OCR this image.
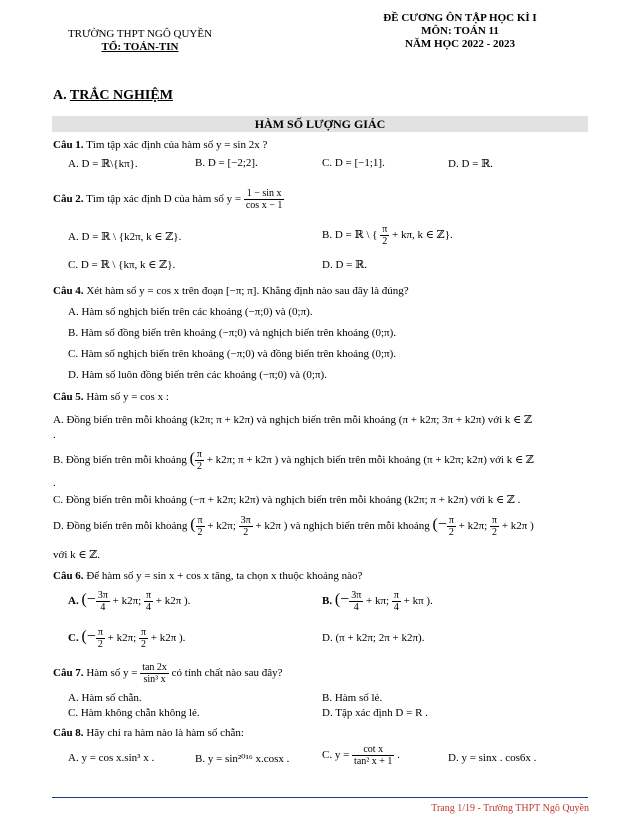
TRƯỜNG THPT NGÔ QUYỀN
TỔ: TOÁN-TIN
ĐỀ CƯƠNG ÔN TẬP HỌC KÌ I
MÔN: TOÁN 11
NĂM HỌC 2022 - 2023
A. TRẮC NGHIỆM
HÀM SỐ LƯỢNG GIÁC
Câu 1. Tìm tập xác định của hàm số y = sin 2x ?
A. D = ℝ\{kπ}.	B. D = [−2;2].	C. D = [−1;1].	D. D = ℝ.
Câu 2. Tìm tập xác định D của hàm số $y = \frac{\text{1 − sin x}}{\text{cos x − 1}}$
A. D = ℝ \ {k2π, k ∈ ℤ}.	B. D = ℝ \ { $\frac{\pi}{2} + k\pi$, k ∈ ℤ}.
C. D = ℝ \ {kπ, k ∈ ℤ}.	D. D = ℝ.
Câu 4. Xét hàm số y = cos x trên đoạn [−π; π]. Khẳng định nào sau đây là đúng?
A. Hàm số nghịch biến trên các khoảng (−π;0) và (0;π).
B. Hàm số đồng biến trên khoảng (−π;0) và nghịch biến trên khoảng (0;π).
C. Hàm số nghịch biến trên khoảng (−π;0) và đồng biến trên khoảng (0;π).
D. Hàm số luôn đồng biến trên các khoảng (−π;0) và (0;π).
Câu 5. Hàm số y = cos x :
A. Đồng biến trên mỗi khoảng (k2π; π + k2π) và nghịch biến trên mỗi khoảng (π + k2π; 3π + k2π) với k ∈ ℤ
.
B. Đồng biến trên mỗi khoảng ( $\frac{\pi}{2} + k2\pi$; π + k2π ) và nghịch biến trên mỗi khoảng (π + k2π; k2π) với k ∈ ℤ
.
C. Đồng biến trên mỗi khoảng (−π + k2π; k2π) và nghịch biến trên mỗi khoảng (k2π; π + k2π) với k ∈ ℤ .
D. Đồng biến trên mỗi khoảng ( $\frac{\pi}{2} + k2\pi$; $\frac{3\pi}{2} + k2\pi$ ) và nghịch biến trên mỗi khoảng (− $\frac{\pi}{2} + k2\pi$; $\frac{\pi}{2} + k2\pi$ )
với k ∈ ℤ.
Câu 6. Để hàm số y = sin x + cos x tăng, ta chọn x thuộc khoảng nào?
A. (− $\frac{3\pi}{4} + k2\pi$; $\frac{\pi}{4} + k2\pi$ ).	B. (− $\frac{3\pi}{4} + k\pi$; $\frac{\pi}{4} + k\pi$ ).
C. (− $\frac{\pi}{2} + k2\pi$; $\frac{\pi}{2} + k2\pi$ ).	D. (π + k2π; 2π + k2π).
Câu 7. Hàm số $y = \frac{\tan 2x}{\text{sin³ x}}$ có tính chất nào sau đây?
A. Hàm số chẵn.	B. Hàm số lẻ.
C. Hàm không chẵn không lẻ.	D. Tập xác định D = R .
Câu 8. Hãy chỉ ra hàm nào là hàm số chẵn:
A. y = cos x.sin³ x .	B. y = sin²⁰¹⁶ x.cosx .	C. $y = \frac{\text{cot x}}{\text{tan² x + 1}}$ .	D. y = sinx . cos6x .
Trang 1/19 - Trường THPT Ngô Quyền
